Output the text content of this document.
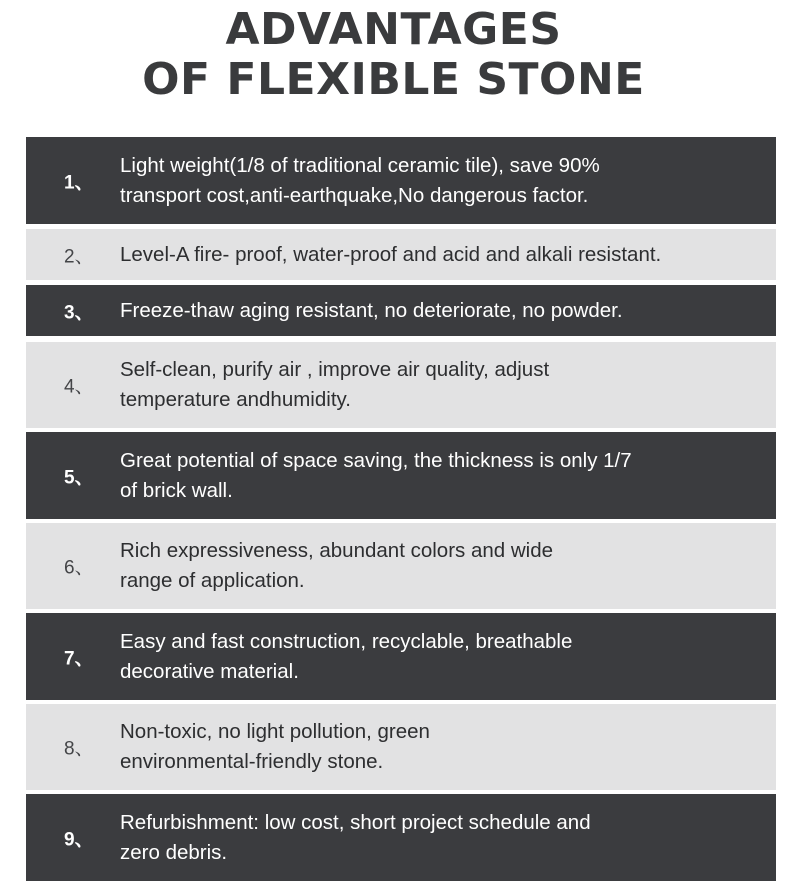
ADVANTAGES
OF FLEXIBLE STONE
1、
Light weight(1/8 of traditional ceramic tile), save 90%
transport cost,anti-earthquake,No dangerous factor.
2、 Level-A fire- proof, water-proof and acid and alkali resistant.
3、 Freeze-thaw aging resistant, no deteriorate, no powder.
4、
Self-clean, purify air , improve air quality, adjust
temperature andhumidity.
5、
Great potential of space saving, the thickness is only 1/7
of brick wall.
6、
Rich expressiveness, abundant colors and wide
range of application.
7、
Easy and fast construction, recyclable, breathable
decorative material.
8、
Non-toxic, no light pollution, green
environmental-friendly stone.
9、
Refurbishment: low cost, short project schedule and
zero debris.
